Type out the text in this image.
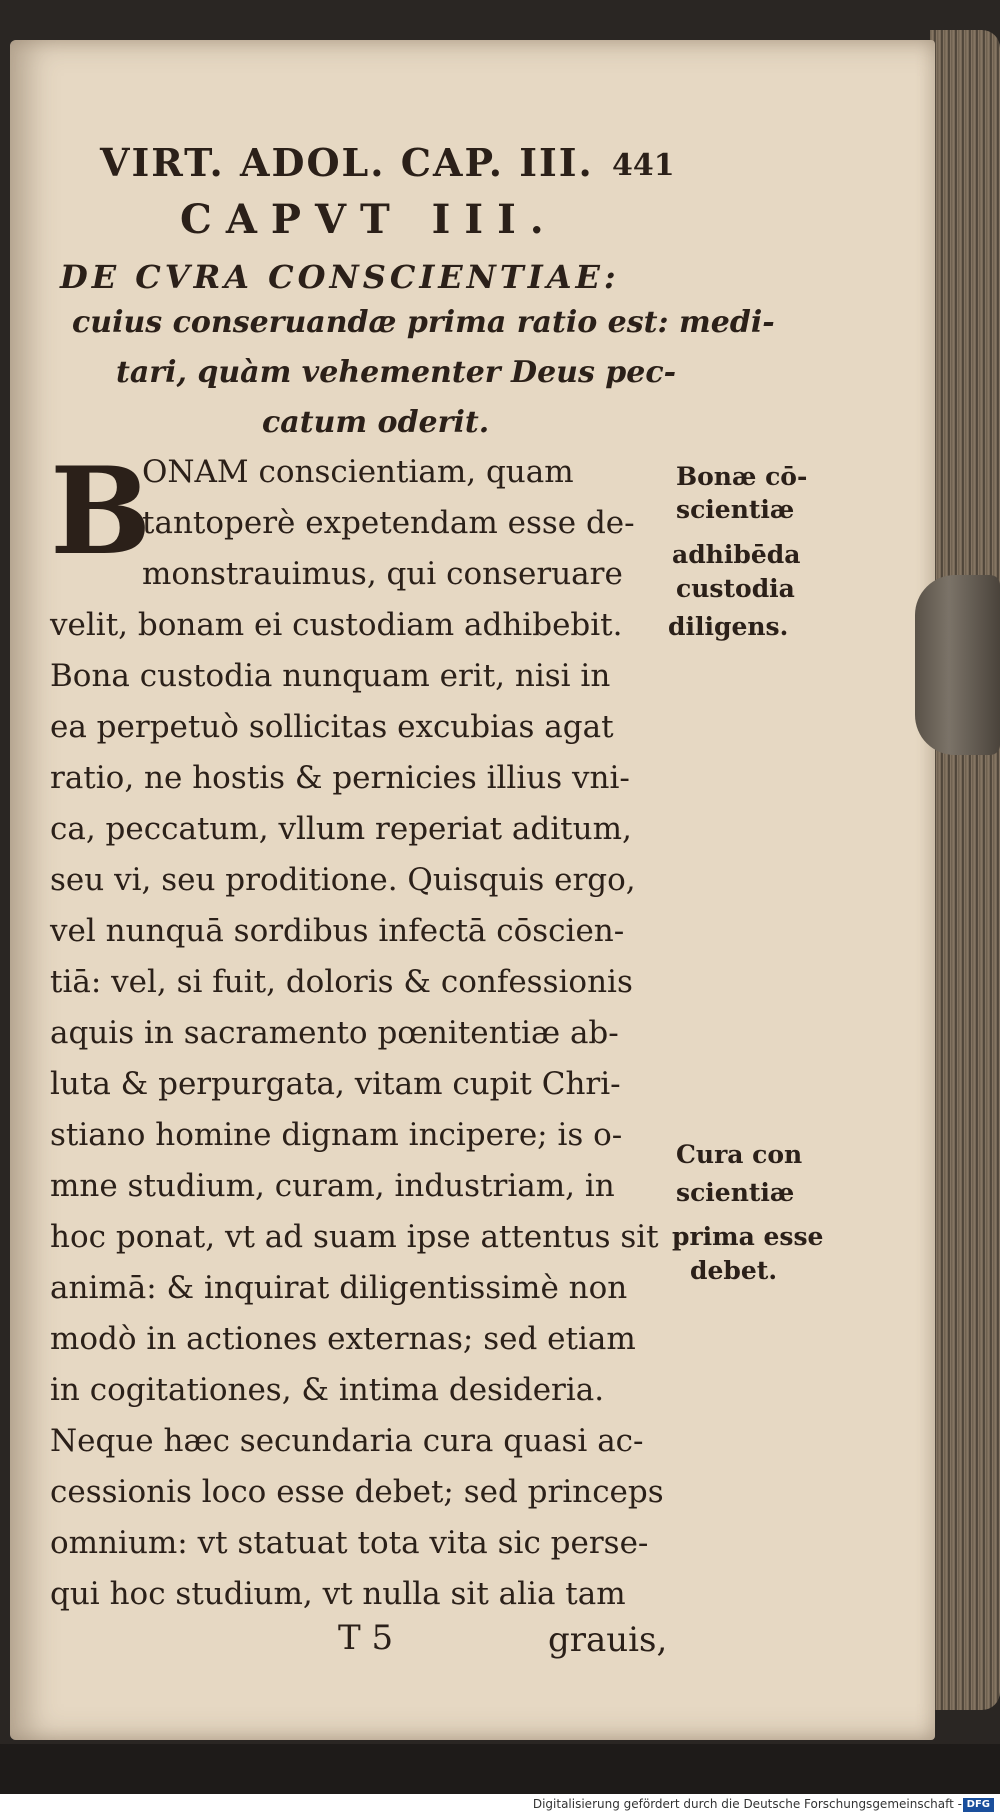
VIRT. ADOL. CAP. III. 441
CAPVT III.
DE CVRA CONSCIENTIAE:
cuius conseruandæ prima ratio est: medi-
tari, quàm vehementer Deus pec-
catum oderit.
B
ONAM conscientiam, quam
tantoperè expetendam esse de-
monstrauimus, qui conseruare
velit, bonam ei custodiam adhibebit.
Bona custodia nunquam erit, nisi in
ea perpetuò sollicitas excubias agat
ratio, ne hostis & pernicies illius vni-
ca, peccatum, vllum reperiat aditum,
seu vi, seu proditione. Quisquis ergo,
vel nunquā sordibus infectā cōscien-
tiā: vel, si fuit, doloris & confessionis
aquis in sacramento pœnitentiæ ab-
luta & perpurgata, vitam cupit Chri-
stiano homine dignam incipere; is o-
mne studium, curam, industriam, in
hoc ponat, vt ad suam ipse attentus sit
animā: & inquirat diligentissimè non
modò in actiones externas; sed etiam
in cogitationes, & intima desideria.
Neque hæc secundaria cura quasi ac-
cessionis loco esse debet; sed princeps
omnium: vt statuat tota vita sic perse-
qui hoc studium, vt nulla sit alia tam
Bonæ cō-
scientiæ
adhibēda
custodia
diligens.
Cura con
scientiæ
prima esse
debet.
T 5	grauis,
Digitalisierung gefördert durch die Deutsche Forschungsgemeinschaft - DFG
